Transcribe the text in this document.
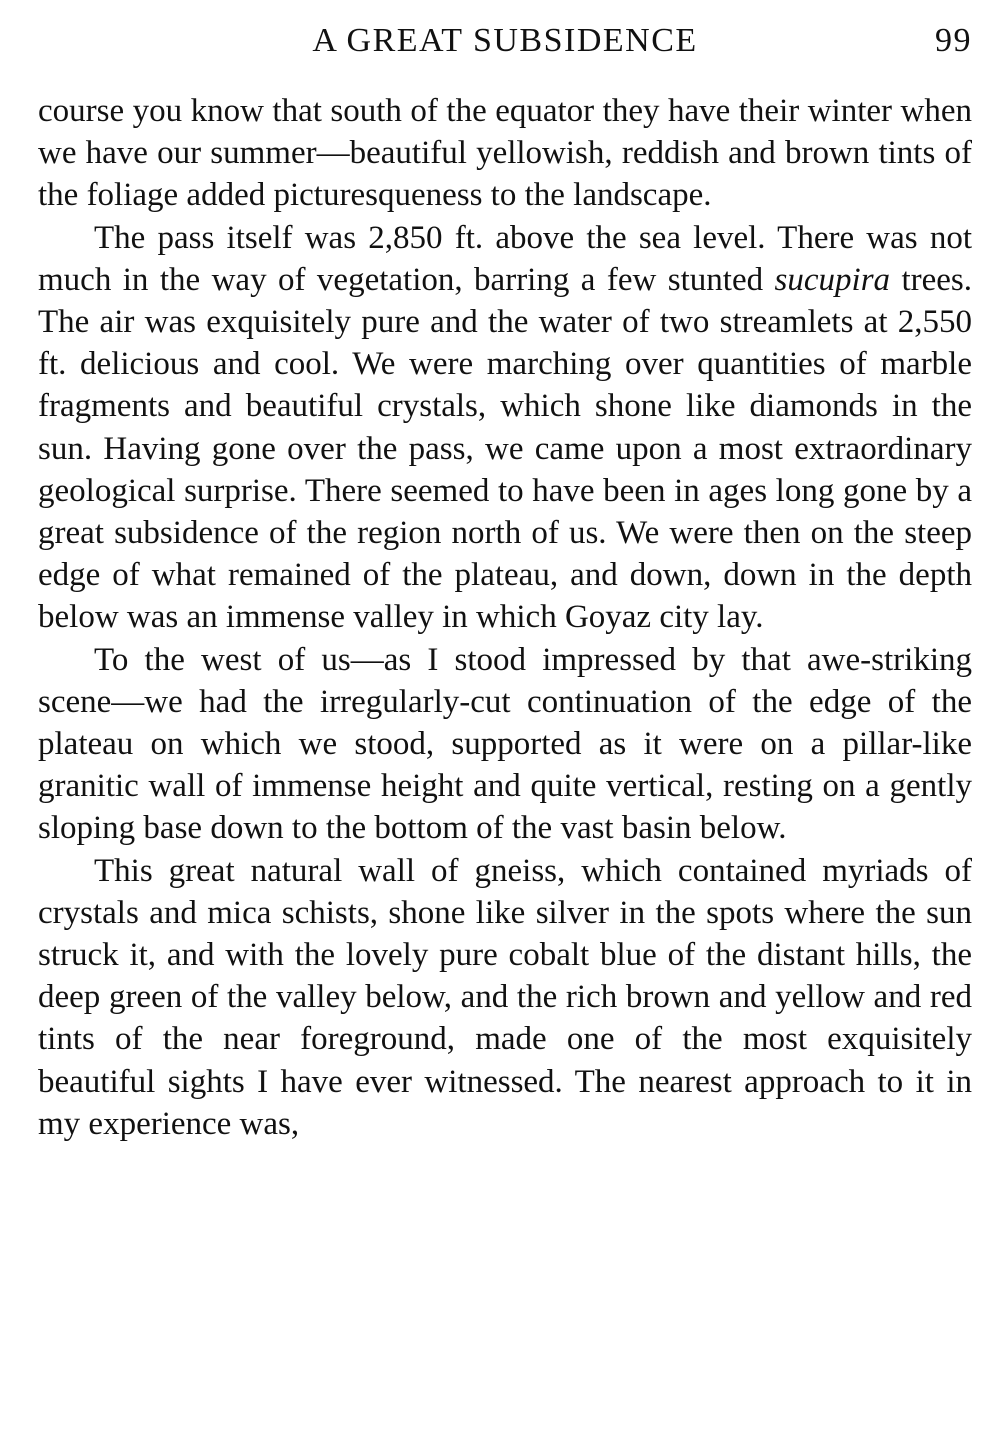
A GREAT SUBSIDENCE	99

course you know that south of the equator they have their winter when we have our summer—beautiful yellowish, reddish and brown tints of the foliage added picturesqueness to the landscape.

The pass itself was 2,850 ft. above the sea level. There was not much in the way of vegetation, barring a few stunted sucupira trees. The air was exquisitely pure and the water of two streamlets at 2,550 ft. delicious and cool. We were marching over quantities of marble fragments and beautiful crystals, which shone like diamonds in the sun. Having gone over the pass, we came upon a most extraordinary geological surprise. There seemed to have been in ages long gone by a great subsidence of the region north of us. We were then on the steep edge of what remained of the plateau, and down, down in the depth below was an immense valley in which Goyaz city lay.

To the west of us—as I stood impressed by that awe-striking scene—we had the irregularly-cut continuation of the edge of the plateau on which we stood, supported as it were on a pillar-like granitic wall of immense height and quite vertical, resting on a gently sloping base down to the bottom of the vast basin below.

This great natural wall of gneiss, which contained myriads of crystals and mica schists, shone like silver in the spots where the sun struck it, and with the lovely pure cobalt blue of the distant hills, the deep green of the valley below, and the rich brown and yellow and red tints of the near foreground, made one of the most exquisitely beautiful sights I have ever witnessed. The nearest approach to it in my experience was,
